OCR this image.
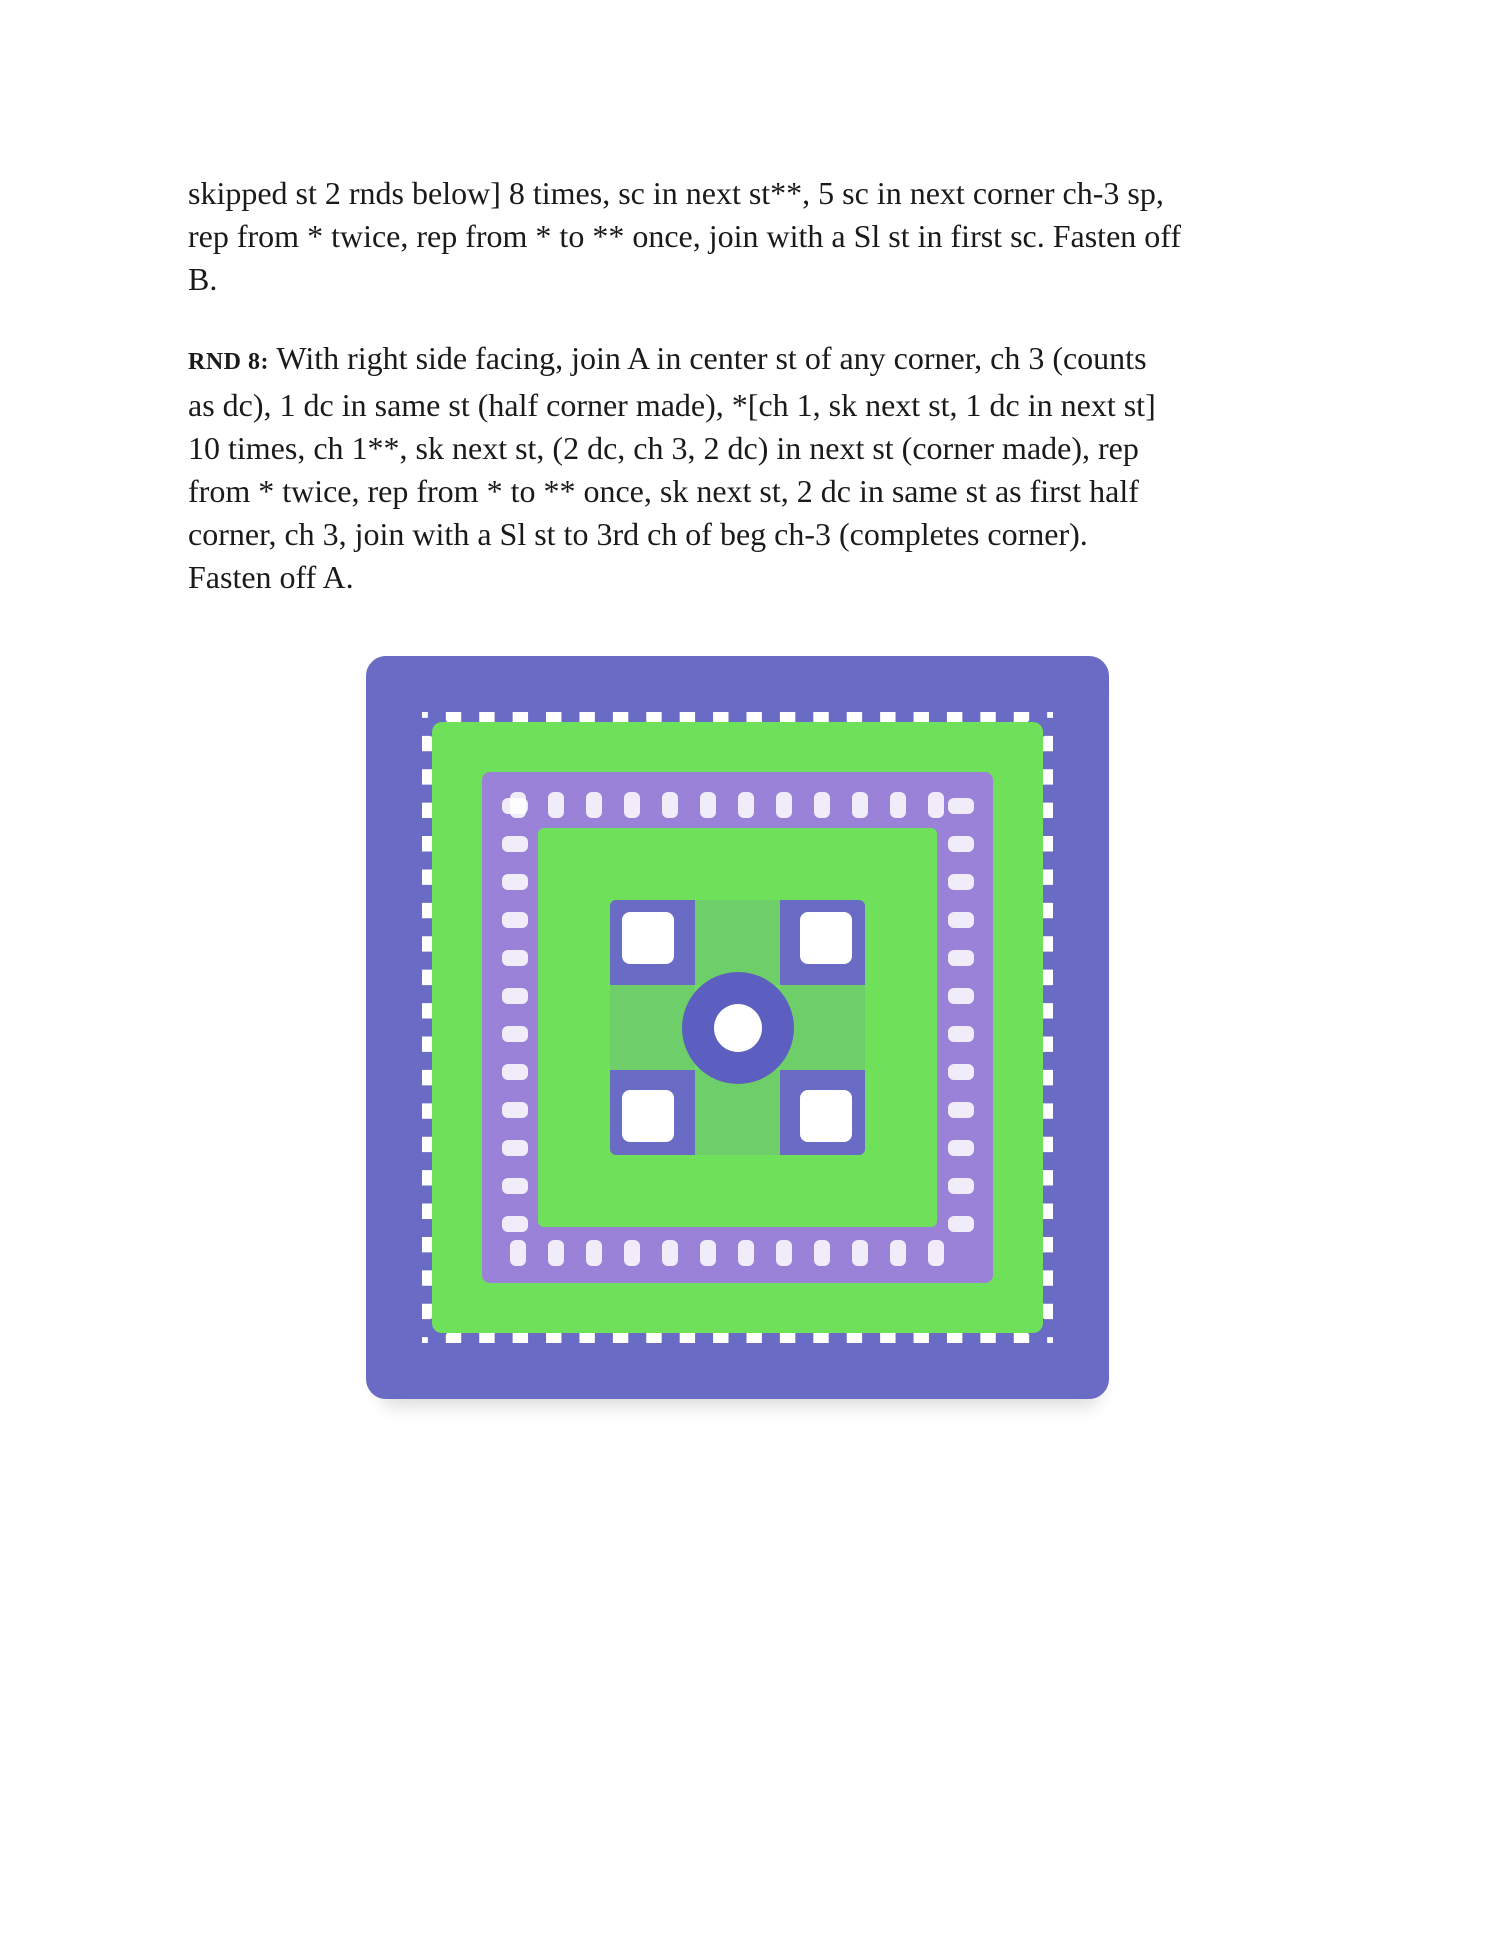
skipped st 2 rnds below] 8 times, sc in next st**, 5 sc in next corner ch-3 sp,
rep from * twice, rep from * to ** once, join with a Sl st in first sc. Fasten off
B.
RND 8: With right side facing, join A in center st of any corner, ch 3 (counts
as dc), 1 dc in same st (half corner made), *[ch 1, sk next st, 1 dc in next st]
10 times, ch 1**, sk next st, (2 dc, ch 3, 2 dc) in next st (corner made), rep
from * twice, rep from * to ** once, sk next st, 2 dc in same st as first half
corner, ch 3, join with a Sl st to 3rd ch of beg ch-3 (completes corner).
Fasten off A.
